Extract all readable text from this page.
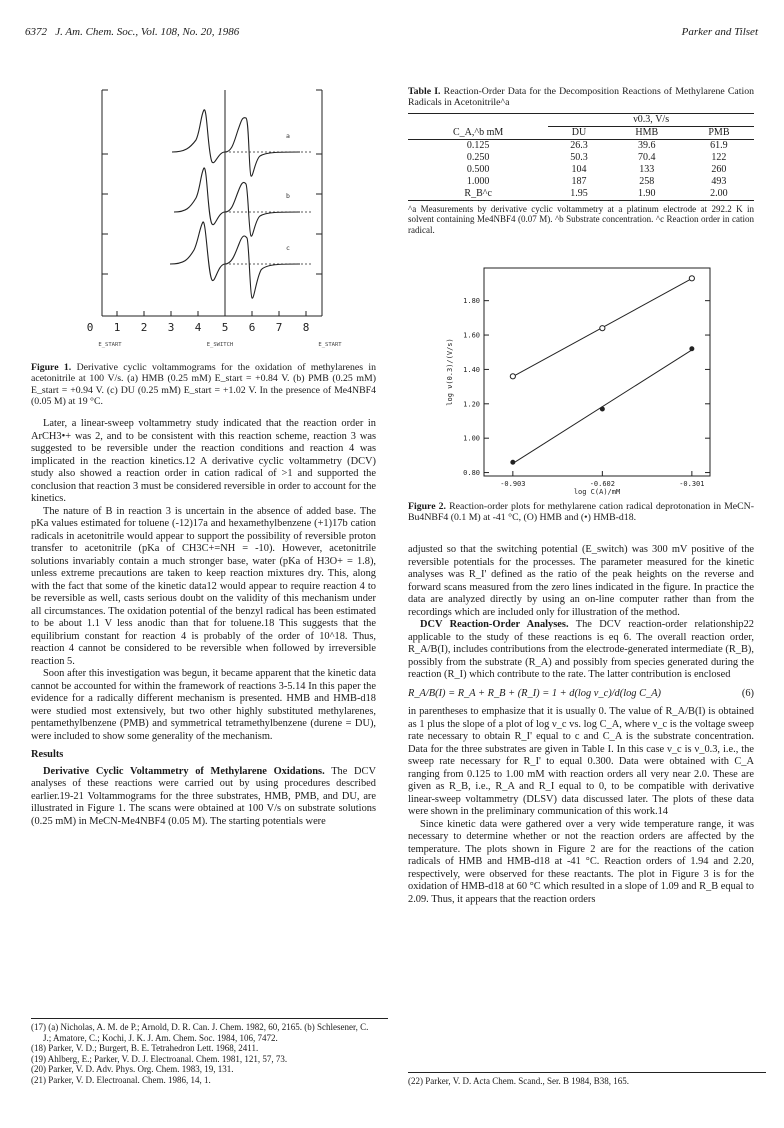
6372 J. Am. Chem. Soc., Vol. 108, No. 20, 1986	Parker and Tilset
a
b
c
0 1 2 3 4 5 6 7 8
E_START	E_SWITCH	E_START
Figure 1. Derivative cyclic voltammograms for the oxidation of methylarenes in acetonitrile at 100 V/s. (a) HMB (0.25 mM) E_start = +0.84 V. (b) PMB (0.25 mM) E_start = +0.94 V. (c) DU (0.25 mM) E_start = +1.02 V. In the presence of Me4NBF4 (0.05 M) at 19 °C.

Later, a linear-sweep voltammetry study indicated that the reaction order in ArCH3•+ was 2, and to be consistent with this reaction scheme, reaction 3 was suggested to be reversible under the reaction conditions and reaction 4 was implicated in the reaction kinetics.12 A derivative cyclic voltammetry (DCV) study also showed a reaction order in cation radical of >1 and supported the conclusion that reaction 3 must be considered reversible in order to account for the kinetics.

The nature of B in reaction 3 is uncertain in the absence of added base. The pKa values estimated for toluene (-12)17a and hexamethylbenzene (+1)17b cation radicals in acetonitrile would appear to support the possibility of reversible proton transfer to acetonitrile (pKa of CH3C+=NH = -10). However, acetonitrile solutions invariably contain a much stronger base, water (pKa of H3O+ = 1.8), unless extreme precautions are taken to keep reaction mixtures dry. This, along with the fact that some of the kinetic data12 would appear to require reaction 4 to be reversible as well, casts serious doubt on the validity of this mechanism under all circumstances. The oxidation potential of the benzyl radical has been estimated to be about 1.1 V less anodic than that for toluene.18 This suggests that the equilibrium constant for reaction 4 is probably of the order of 10^18. Thus, reaction 4 cannot be considered to be reversible when followed by irreversible reaction 5.

Soon after this investigation was begun, it became apparent that the kinetic data cannot be accounted for within the framework of reactions 3-5.14 In this paper the evidence for a radically different mechanism is presented. HMB and HMB-d18 were studied most extensively, but two other highly substituted methylarenes, pentamethylbenzene (PMB) and symmetrical tetramethylbenzene (durene = DU), were included to show some generality of the mechanism.

Results

Derivative Cyclic Voltammetry of Methylarene Oxidations. The DCV analyses of these reactions were carried out by using procedures described earlier.19-21 Voltammograms for the three substrates, HMB, PMB, and DU, are illustrated in Figure 1. The scans were obtained at 100 V/s on substrate solutions (0.25 mM) in MeCN-Me4NBF4 (0.05 M). The starting potentials were

(17) (a) Nicholas, A. M. de P.; Arnold, D. R. Can. J. Chem. 1982, 60, 2165. (b) Schlesener, C. J.; Amatore, C.; Kochi, J. K. J. Am. Chem. Soc. 1984, 106, 7472.
(18) Parker, V. D.; Burgert, B. E. Tetrahedron Lett. 1968, 2411.
(19) Ahlberg, E.; Parker, V. D. J. Electroanal. Chem. 1981, 121, 57, 73.
(20) Parker, V. D. Adv. Phys. Org. Chem. 1983, 19, 131.
(21) Parker, V. D. Electroanal. Chem. 1986, 14, 1.
Table I. Reaction-Order Data for the Decomposition Reactions of Methylarene Cation Radicals in Acetonitrile^a
	ν0.3, V/s		
C_A,^b mM	DU	HMB	PMB
0.125	26.3	39.6	61.9
0.250	50.3	70.4	122
0.500	104	133	260
1.000	187	258	493
R_B^c	1.95	1.90	2.00
^a Measurements by derivative cyclic voltammetry at a platinum electrode at 292.2 K in solvent containing Me4NBF4 (0.07 M). ^b Substrate concentration. ^c Reaction order in cation radical.
log ν(0.3)/(V/s)
log C(A)/mM
0.80
1.00
1.20
1.40
1.60
1.80
-0.903	-0.602	-0.301
Figure 2. Reaction-order plots for methylarene cation radical deprotonation in MeCN-Bu4NBF4 (0.1 M) at -41 °C, (O) HMB and (•) HMB-d18.

adjusted so that the switching potential (E_switch) was 300 mV positive of the reversible potentials for the processes. The parameter measured for the kinetic analyses was R_I' defined as the ratio of the peak heights on the reverse and forward scans measured from the zero lines indicated in the figure. In practice the data are analyzed directly by using an on-line computer rather than from the recordings which are included only for illustration of the method.

DCV Reaction-Order Analyses. The DCV reaction-order relationship22 applicable to the study of these reactions is eq 6. The overall reaction order, R_A/B(I), includes contributions from the electrode-generated intermediate (R_B), possibly from the substrate (R_A) and possibly from species generated during the reaction (R_I) which contribute to the rate. The latter contribution is enclosed

R_A/B(I) = R_A + R_B + (R_I) = 1 + d(log ν_c)/d(log C_A)	(6)

in parentheses to emphasize that it is usually 0. The value of R_A/B(I) is obtained as 1 plus the slope of a plot of log ν_c vs. log C_A, where ν_c is the voltage sweep rate necessary to obtain R_I' equal to c and C_A is the substrate concentration. Data for the three substrates are given in Table I. In this case ν_c is ν_0.3, i.e., the sweep rate necessary for R_I' to equal 0.300. Data were obtained with C_A ranging from 0.125 to 1.00 mM with reaction orders all very near 2.0. These are given as R_B, i.e., R_A and R_I equal to 0, to be compatible with derivative linear-sweep voltammetry (DLSV) data discussed later. The plots of these data were shown in the preliminary communication of this work.14

Since kinetic data were gathered over a very wide temperature range, it was necessary to determine whether or not the reaction orders are affected by the temperature. The plots shown in Figure 2 are for the reactions of the cation radicals of HMB and HMB-d18 at -41 °C. Reaction orders of 1.94 and 2.20, respectively, were observed for these reactants. The plot in Figure 3 is for the oxidation of HMB-d18 at 60 °C which resulted in a slope of 1.09 and R_B equal to 2.09. Thus, it appears that the reaction orders

(22) Parker, V. D. Acta Chem. Scand., Ser. B 1984, B38, 165.
